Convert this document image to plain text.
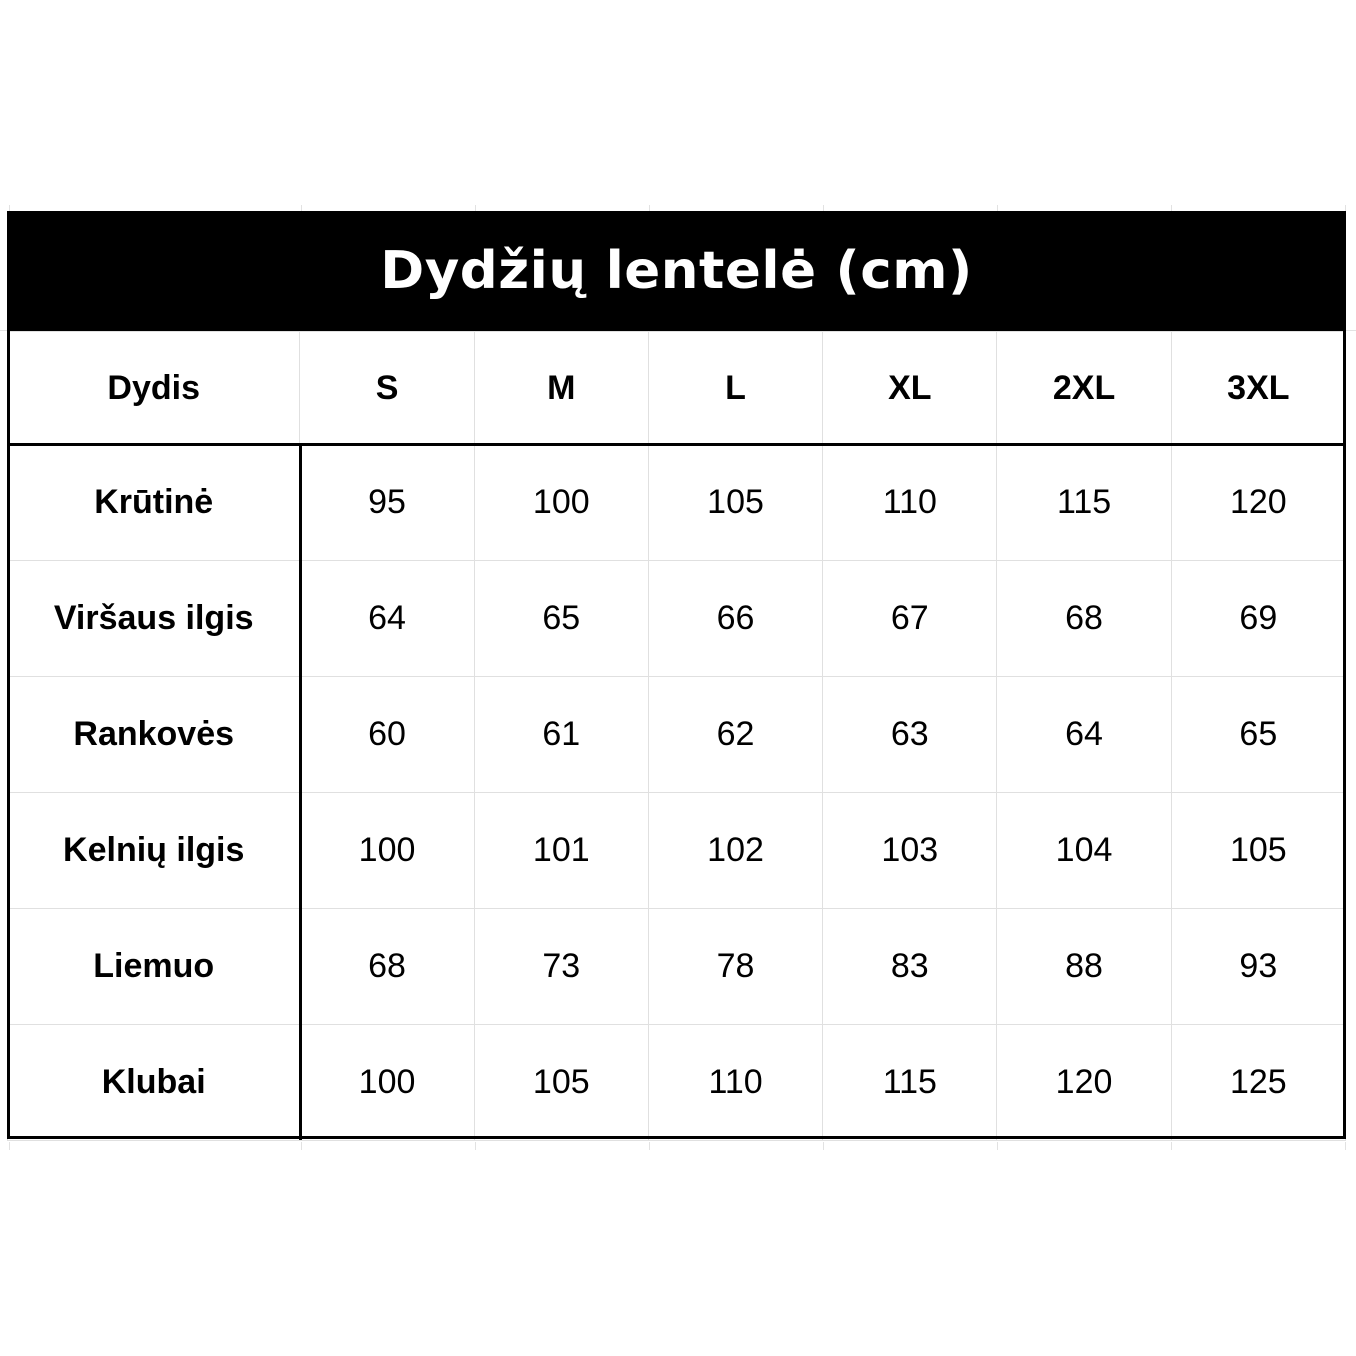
Dydžių lentelė (cm)
Dydis	S	M	L	XL	2XL	3XL
Krūtinė	95	100	105	110	115	120
Viršaus ilgis	64	65	66	67	68	69
Rankovės	60	61	62	63	64	65
Kelnių ilgis	100	101	102	103	104	105
Liemuo	68	73	78	83	88	93
Klubai	100	105	110	115	120	125
